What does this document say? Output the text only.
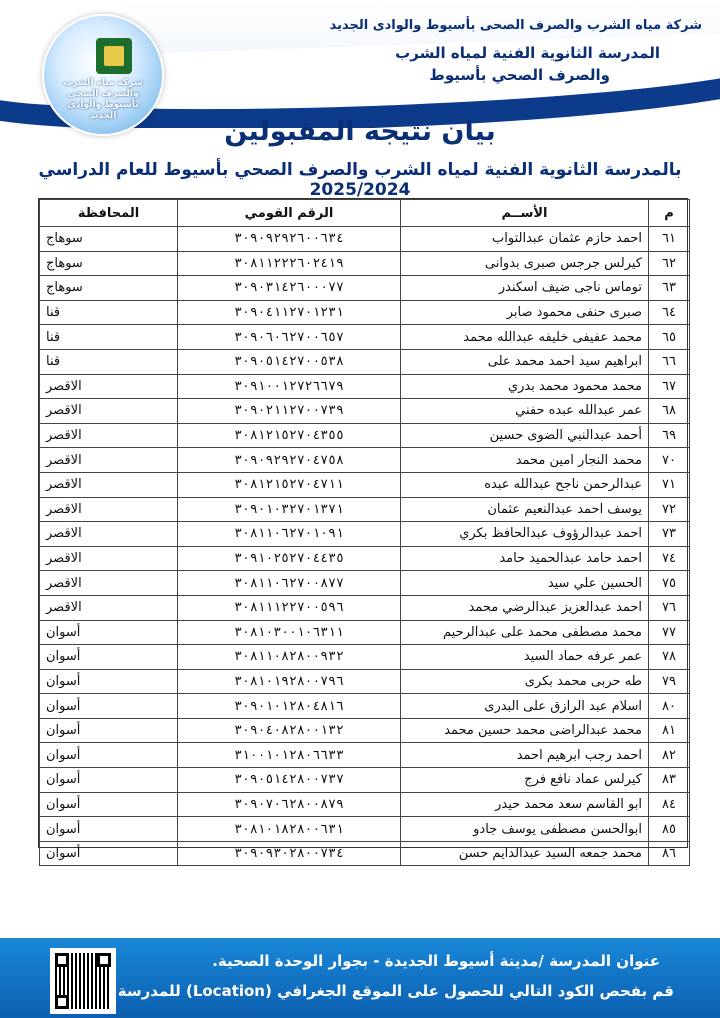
شركة مياه الشرب والصرف الصحى بأسيوط والوادى الجديد
المدرسة الثانوية الفنية لمياه الشرب
والصرف الصحي بأسيوط
شركة مياه الشرب والصرف الصحى بأسيوط والوادى الجديد	بيان نتيجة المقبولين
بالمدرسة الثانوية الفنية لمياه الشرب والصرف الصحي بأسيوط للعام الدراسي 2025/2024
م	الأســم	الرقم القومي	المحافظة
٦١	احمد حازم عثمان عبدالتواب	٣٠٩٠٩٢٩٢٦٠٠٦٣٤	سوهاج
٦٢	كيرلس جرجس صبرى بدوانى	٣٠٨١١٢٢٢٦٠٢٤١٩	سوهاج
٦٣	توماس ناجى ضيف اسكندر	٣٠٩٠٣١٤٢٦٠٠٠٧٧	سوهاج
٦٤	صبرى حنفى محمود صابر	٣٠٩٠٤١١٢٧٠١٢٣١	قنا
٦٥	محمد عفيفى خليفه عبدالله محمد	٣٠٩٠٦٠٦٢٧٠٠٦٥٧	قنا
٦٦	ابراهيم سيد احمد محمد على	٣٠٩٠٥١٤٢٧٠٠٥٣٨	قنا
٦٧	محمد محمود محمد بدري	٣٠٩١٠٠١٢٧٢٦٦٧٩	الاقصر
٦٨	عمر عبدالله عبده حفني	٣٠٩٠٢١١٢٧٠٠٧٣٩	الاقصر
٦٩	أحمد عبدالنبي الضوى حسين	٣٠٨١٢١٥٢٧٠٤٣٥٥	الاقصر
٧٠	محمد النجار امين محمد	٣٠٩٠٩٢٩٢٧٠٤٧٥٨	الاقصر
٧١	عبدالرحمن ناجح عبدالله عبده	٣٠٨١٢١٥٢٧٠٤٧١١	الاقصر
٧٢	يوسف احمد عبدالنعيم عثمان	٣٠٩٠١٠٣٢٧٠١٣٧١	الاقصر
٧٣	احمد عبدالرؤوف عبدالحافظ بكري	٣٠٨١١٠٦٢٧٠١٠٩١	الاقصر
٧٤	احمد حامد عبدالحميد حامد	٣٠٩١٠٢٥٢٧٠٤٤٣٥	الاقصر
٧٥	الحسين علي سيد	٣٠٨١١٠٦٢٧٠٠٨٧٧	الاقصر
٧٦	احمد عبدالعزيز عبدالرضي محمد	٣٠٨١١١٢٢٧٠٠٥٩٦	الاقصر
٧٧	محمد مصطفى محمد على عبدالرحيم	٣٠٨١٠٣٠٠١٠٦٣١١	أسوان
٧٨	عمر عرفه حماد السيد	٣٠٨١١٠٨٢٨٠٠٩٣٢	أسوان
٧٩	طه حربى محمد بكرى	٣٠٨١٠١٩٢٨٠٠٧٩٦	أسوان
٨٠	اسلام عبد الرازق على البدرى	٣٠٩٠١٠١٢٨٠٤٨١٦	أسوان
٨١	محمد عبدالراضى محمد حسين محمد	٣٠٩٠٤٠٨٢٨٠٠١٣٢	أسوان
٨٢	احمد رجب ابرهيم احمد	٣١٠٠١٠١٢٨٠٦٦٣٣	أسوان
٨٣	كيرلس عماد نافع فرج	٣٠٩٠٥١٤٢٨٠٠٧٣٧	أسوان
٨٤	ابو القاسم سعد محمد حيدر	٣٠٩٠٧٠٦٢٨٠٠٨٧٩	أسوان
٨٥	ابوالحسن مصطفى يوسف جادو	٣٠٨١٠١٨٢٨٠٠٦٣١	أسوان
٨٦	محمد جمعه السيد عبدالدايم حسن	٣٠٩٠٩٣٠٢٨٠٠٧٣٤	أسوان
عنوان المدرسة /مدينة أسيوط الجديدة - بجوار الوحدة الصحية.
قم بفحص الكود التالي للحصول على الموقع الجغرافي (Location) للمدرسة
